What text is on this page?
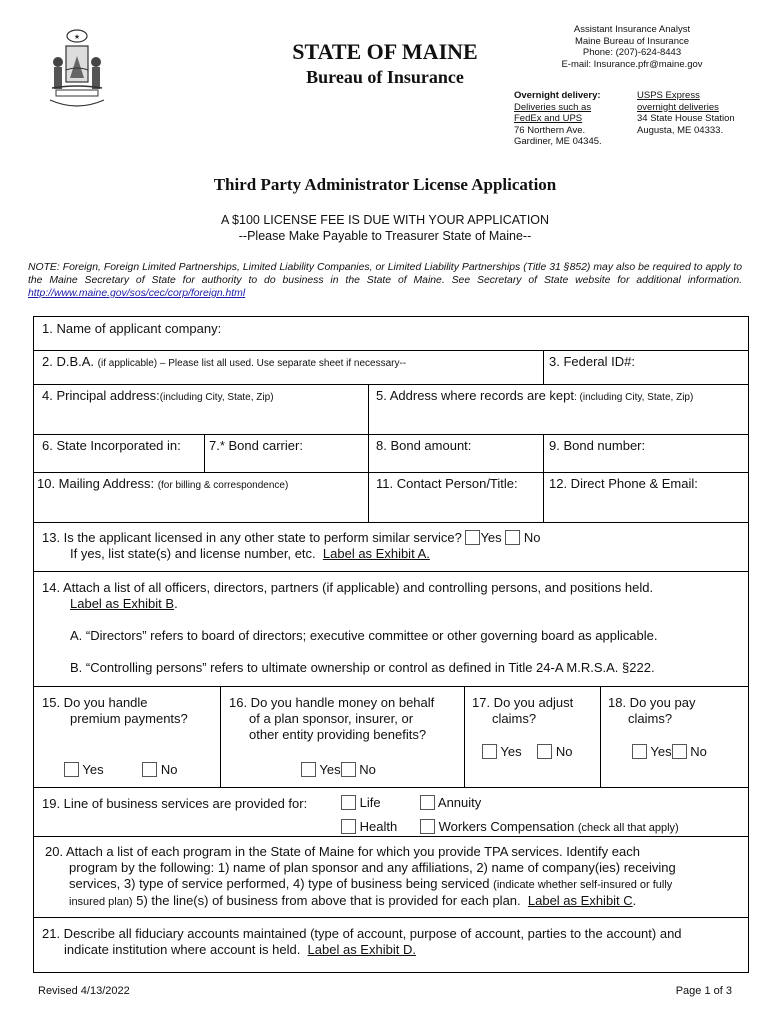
★
STATE OF MAINE
Bureau of Insurance
Assistant Insurance Analyst
Maine Bureau of Insurance
Phone: (207)-624-8443
E-mail: Insurance.pfr@maine.gov
Overnight delivery:
Deliveries such as
FedEx and UPS
76 Northern Ave.
Gardiner, ME 04345.
USPS Express
overnight deliveries
34 State House Station
Augusta, ME 04333.
Third Party Administrator License Application
A $100 LICENSE FEE IS DUE WITH YOUR APPLICATION
--Please Make Payable to Treasurer State of Maine--
NOTE: Foreign, Foreign Limited Partnerships, Limited Liability Companies, or Limited Liability Partnerships (Title 31 §852) may also be required to apply to the Maine Secretary of State for authority to do business in the State of Maine. See Secretary of State website for additional information. http://www.maine.gov/sos/cec/corp/foreign.html
1. Name of applicant company:
2. D.B.A. (if applicable) – Please list all used. Use separate sheet if necessary--	3. Federal ID#:
4. Principal address:(including City, State, Zip)	5. Address where records are kept: (including City, State, Zip)
6. State Incorporated in: 7.* Bond carrier:	8. Bond amount:	9. Bond number:
10. Mailing Address: (for billing & correspondence)	11. Contact Person/Title: 12. Direct Phone & Email:
13. Is the applicant licensed in any other state to perform similar service? Yes No
If yes, list state(s) and license number, etc. Label as Exhibit A.
14. Attach a list of all officers, directors, partners (if applicable) and controlling persons, and positions held.
Label as Exhibit B.
A. “Directors” refers to board of directors; executive committee or other governing board as applicable.
B. “Controlling persons” refers to ultimate ownership or control as defined in Title 24-A M.R.S.A. §222.
15. Do you handle
premium payments?
Yes	No
16. Do you handle money on behalf
of a plan sponsor, insurer, or
other entity providing benefits?
Yes No
17. Do you adjust
claims?
Yes	No
18. Do you pay
claims?
Yes No
19. Line of business services are provided for:	Life	Annuity
Health	Workers Compensation (check all that apply)
20. Attach a list of each program in the State of Maine for which you provide TPA services. Identify each
program by the following: 1) name of plan sponsor and any affiliations, 2) name of company(ies) receiving
services, 3) type of service performed, 4) type of business being serviced (indicate whether self-insured or fully
insured plan) 5) the line(s) of business from above that is provided for each plan. Label as Exhibit C.
21. Describe all fiduciary accounts maintained (type of account, purpose of account, parties to the account) and
indicate institution where account is held. Label as Exhibit D.
Revised 4/13/2022	Page 1 of 3
